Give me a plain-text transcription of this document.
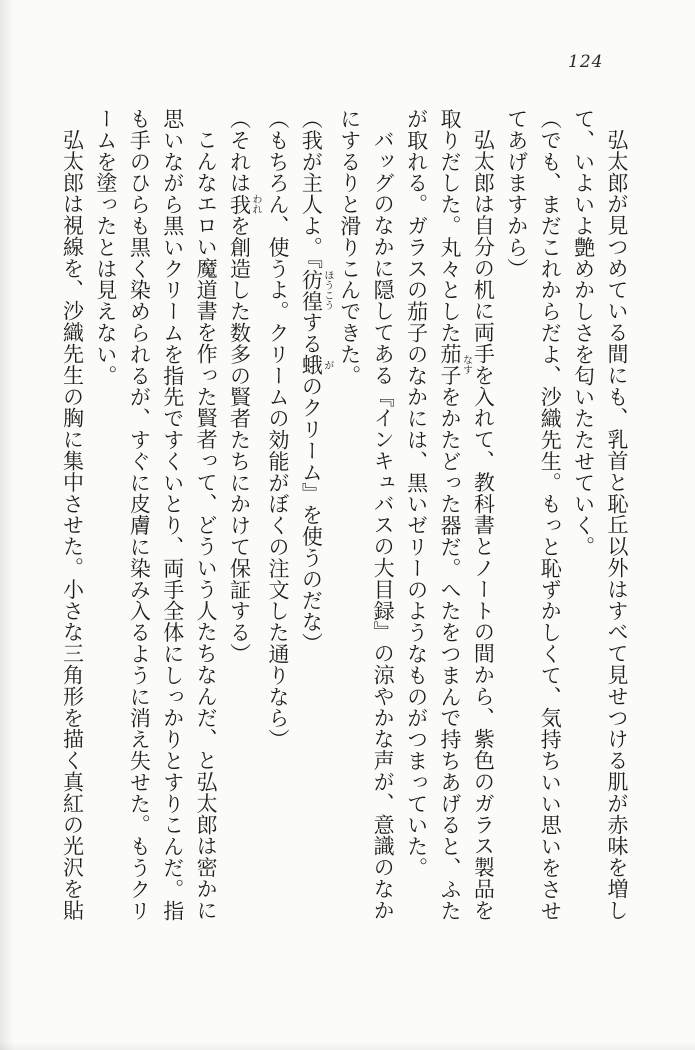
124

弘太郎が見つめている間にも、乳首と恥丘以外はすべて見せつける肌が赤味を増して、いよいよ艶めかしさを匂いたたせていく。

（でも、まだこれからだよ、沙織先生。もっと恥ずかしくて、気持ちいい思いをさせてあげますから）

弘太郎は自分の机に両手を入れて、教科書とノートの間から、紫色のガラス製品を取りだした。丸々とした茄子なすをかたどった器だ。へたをつまんで持ちあげると、ふたが取れる。ガラスの茄子のなかには、黒いゼリーのようなものがつまっていた。

バッグのなかに隠してある『インキュバスの大目録』の涼やかな声が、意識のなかにするりと滑りこんできた。

（我が主人よ。『彷徨ほうこうする蛾がのクリーム』を使うのだな）

（もちろん、使うよ。クリームの効能がぼくの注文した通りなら）

（それは我われを創造した数多の賢者たちにかけて保証する）

こんなエロい魔道書を作った賢者って、どういう人たちなんだ、と弘太郎は密かに思いながら黒いクリームを指先ですくいとり、両手全体にしっかりとすりこんだ。指も手のひらも黒く染められるが、すぐに皮膚に染み入るように消え失せた。もうクリームを塗ったとは見えない。

弘太郎は視線を、沙織先生の胸に集中させた。小さな三角形を描く真紅の光沢を貼
